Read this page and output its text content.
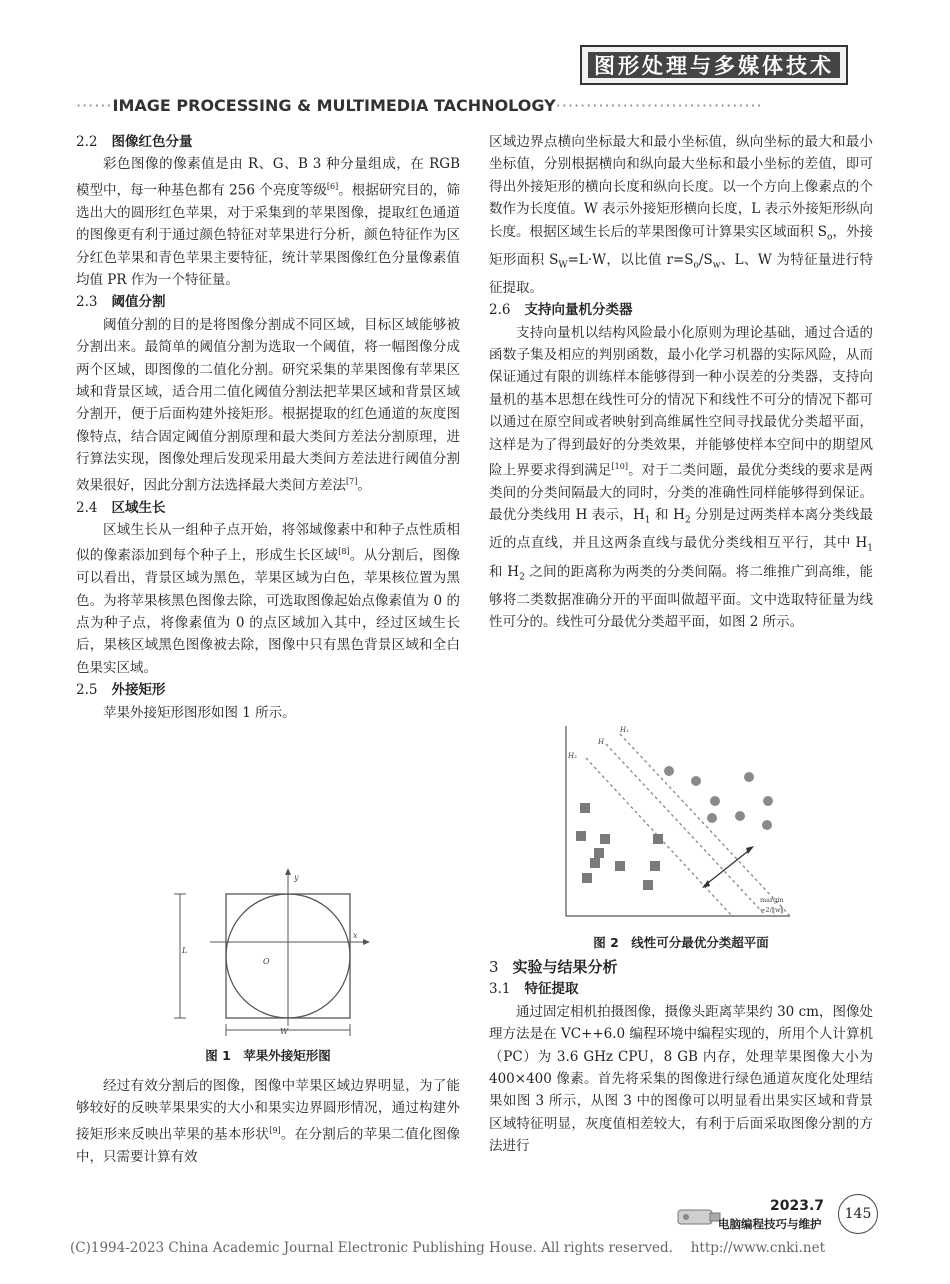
图形处理与多媒体技术
······IMAGE PROCESSING & MULTIMEDIA TACHNOLOGY··································
2.2 图像红色分量

彩色图像的像素值是由 R、G、B 3 种分量组成，在 RGB 模型中，每一种基色都有 256 个亮度等级[6]。根据研究目的，筛选出大的圆形红色苹果，对于采集到的苹果图像，提取红色通道的图像更有利于通过颜色特征对苹果进行分析，颜色特征作为区分红色苹果和青色苹果主要特征，统计苹果图像红色分量像素值均值 PR 作为一个特征量。

2.3 阈值分割

阈值分割的目的是将图像分割成不同区域，目标区域能够被分割出来。最简单的阈值分割为选取一个阈值，将一幅图像分成两个区域，即图像的二值化分割。研究采集的苹果图像有苹果区域和背景区域，适合用二值化阈值分割法把苹果区域和背景区域分割开，便于后面构建外接矩形。根据提取的红色通道的灰度图像特点，结合固定阈值分割原理和最大类间方差法分割原理，进行算法实现，图像处理后发现采用最大类间方差法进行阈值分割效果很好，因此分割方法选择最大类间方差法[7]。

2.4 区域生长

区域生长从一组种子点开始，将邻域像素中和种子点性质相似的像素添加到每个种子上，形成生长区域[8]。从分割后，图像可以看出，背景区域为黑色，苹果区域为白色，苹果核位置为黑色。为将苹果核黑色图像去除，可选取图像起始点像素值为 0 的点为种子点，将像素值为 0 的点区域加入其中，经过区域生长后，果核区域黑色图像被去除，图像中只有黑色背景区域和全白色果实区域。

2.5 外接矩形

苹果外接矩形图形如图 1 所示。

y
x
L
O
W
图 1　苹果外接矩形图

经过有效分割后的图像，图像中苹果区域边界明显，为了能够较好的反映苹果果实的大小和果实边界圆形情况，通过构建外接矩形来反映出苹果的基本形状[9]。在分割后的苹果二值化图像中，只需要计算有效

区域边界点横向坐标最大和最小坐标值，纵向坐标的最大和最小坐标值，分别根据横向和纵向最大坐标和最小坐标的差值，即可得出外接矩形的横向长度和纵向长度。以一个方向上像素点的个数作为长度值。W 表示外接矩形横向长度，L 表示外接矩形纵向长度。根据区域生长后的苹果图像可计算果实区域面积 $S_o$，外接矩形面积 $S_W=L\cdot W$，以比值 $r=S_o/S_w$、L、W 为特征量进行特征提取。

2.6 支持向量机分类器

支持向量机以结构风险最小化原则为理论基础，通过合适的函数子集及相应的判别函数，最小化学习机器的实际风险，从而保证通过有限的训练样本能够得到一种小误差的分类器，支持向量机的基本思想在线性可分的情况下和线性不可分的情况下都可以通过在原空间或者映射到高维属性空间寻找最优分类超平面，这样是为了得到最好的分类效果，并能够使样本空间中的期望风险上界要求得到满足[10]。对于二类问题，最优分类线的要求是两类间的分类间隔最大的同时，分类的准确性同样能够得到保证。最优分类线用 H 表示，$H_1$ 和 $H_2$ 分别是过两类样本离分类线最近的点直线，并且这两条直线与最优分类线相互平行，其中 $H_1$ 和 $H_2$ 之间的距离称为两类的分类间隔。将二维推广到高维，能够将二类数据准确分开的平面叫做超平面。文中选取特征量为线性可分的。线性可分最优分类超平面，如图 2 所示。

H₁
H
H₂
margin
=2/‖w‖
图 2　线性可分最优分类超平面
3 实验与结果分析
3.1 特征提取

通过固定相机拍摄图像，摄像头距离苹果约 30 cm，图像处理方法是在 VC++6.0 编程环境中编程实现的，所用个人计算机（PC）为 3.6 GHz CPU，8 GB 内存，处理苹果图像大小为 400×400 像素。首先将采集的图像进行绿色通道灰度化处理结果如图 3 所示，从图 3 中的图像可以明显看出果实区域和背景区域特征明显，灰度值相差较大，有利于后面采取图像分割的方法进行

2023.7
电脑编程技巧与维护
145
(C)1994-2023 China Academic Journal Electronic Publishing House. All rights reserved.　 http://www.cnki.net
